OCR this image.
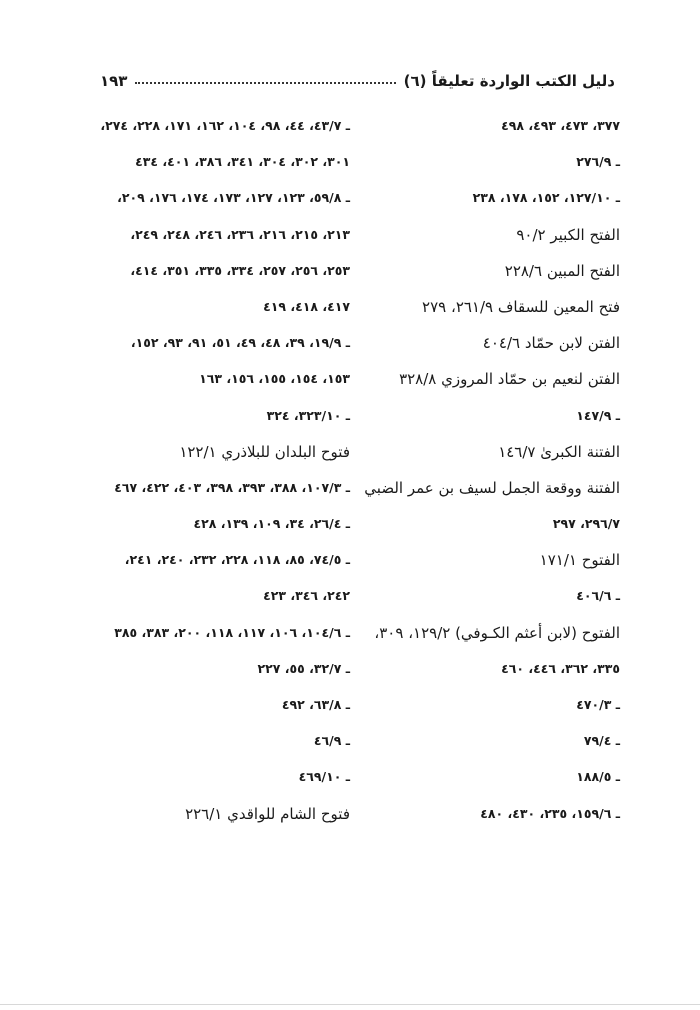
دليل الكتب الواردة تعليقاً (٦)
١٩٣
٣٧٧، ٤٧٣، ٤٩٣، ٤٩٨
ـ ٢٧٦/٩
ـ ١٢٧/١٠، ١٥٢، ١٧٨، ٢٣٨
الفتح الكبير ٩٠/٢
الفتح المبين ٢٢٨/٦
فتح المعين للسقاف ٢٦١/٩، ٢٧٩
الفتن لابن حمّاد ٤٠٤/٦
الفتن لنعيم بن حمّاد المروزي ٣٢٨/٨
ـ ١٤٧/٩
الفتنة الكبرىٰ ١٤٦/٧
الفتنة ووقعة الجمل لسيف بن عمر الضبي
٢٩٦/٧، ٢٩٧
الفتوح ١٧١/١
ـ ٤٠٦/٦
الفتوح (لابن أعثم الكـوفي) ١٢٩/٢، ٣٠٩،
٣٣٥، ٣٦٢، ٤٤٦، ٤٦٠
ـ ٤٧٠/٣
ـ ٧٩/٤
ـ ١٨٨/٥
ـ ١٥٩/٦، ٢٣٥، ٤٣٠، ٤٨٠
ـ ٤٣/٧، ٤٤، ٩٨، ١٠٤، ١٦٢، ١٧١، ٢٢٨، ٢٧٤،
٣٠١، ٣٠٢، ٣٠٤، ٣٤١، ٣٨٦، ٤٠١، ٤٣٤
ـ ٥٩/٨، ١٢٣، ١٢٧، ١٧٣، ١٧٤، ١٧٦، ٢٠٩،
٢١٣، ٢١٥، ٢١٦، ٢٣٦، ٢٤٦، ٢٤٨، ٢٤٩،
٢٥٣، ٢٥٦، ٢٥٧، ٣٣٤، ٣٣٥، ٣٥١، ٤١٤،
٤١٧، ٤١٨، ٤١٩
ـ ١٩/٩، ٣٩، ٤٨، ٤٩، ٥١، ٩١، ٩٣، ١٥٢،
١٥٣، ١٥٤، ١٥٥، ١٥٦، ١٦٣
ـ ٣٢٣/١٠، ٣٢٤
فتوح البلدان للبلاذري ١٢٢/١
ـ ١٠٧/٣، ٣٨٨، ٣٩٣، ٣٩٨، ٤٠٣، ٤٢٢، ٤٦٧
ـ ٢٦/٤، ٣٤، ١٠٩، ١٣٩، ٤٢٨
ـ ٧٤/٥، ٨٥، ١١٨، ٢٢٨، ٢٣٢، ٢٤٠، ٢٤١،
٢٤٢، ٣٤٦، ٤٢٣
ـ ١٠٤/٦، ١٠٦، ١١٧، ١١٨، ٢٠٠، ٣٨٣، ٣٨٥
ـ ٣٢/٧، ٥٥، ٢٢٧
ـ ٦٣/٨، ٤٩٢
ـ ٤٦/٩
ـ ٤٦٩/١٠
فتوح الشام للواقدي ٢٢٦/١
